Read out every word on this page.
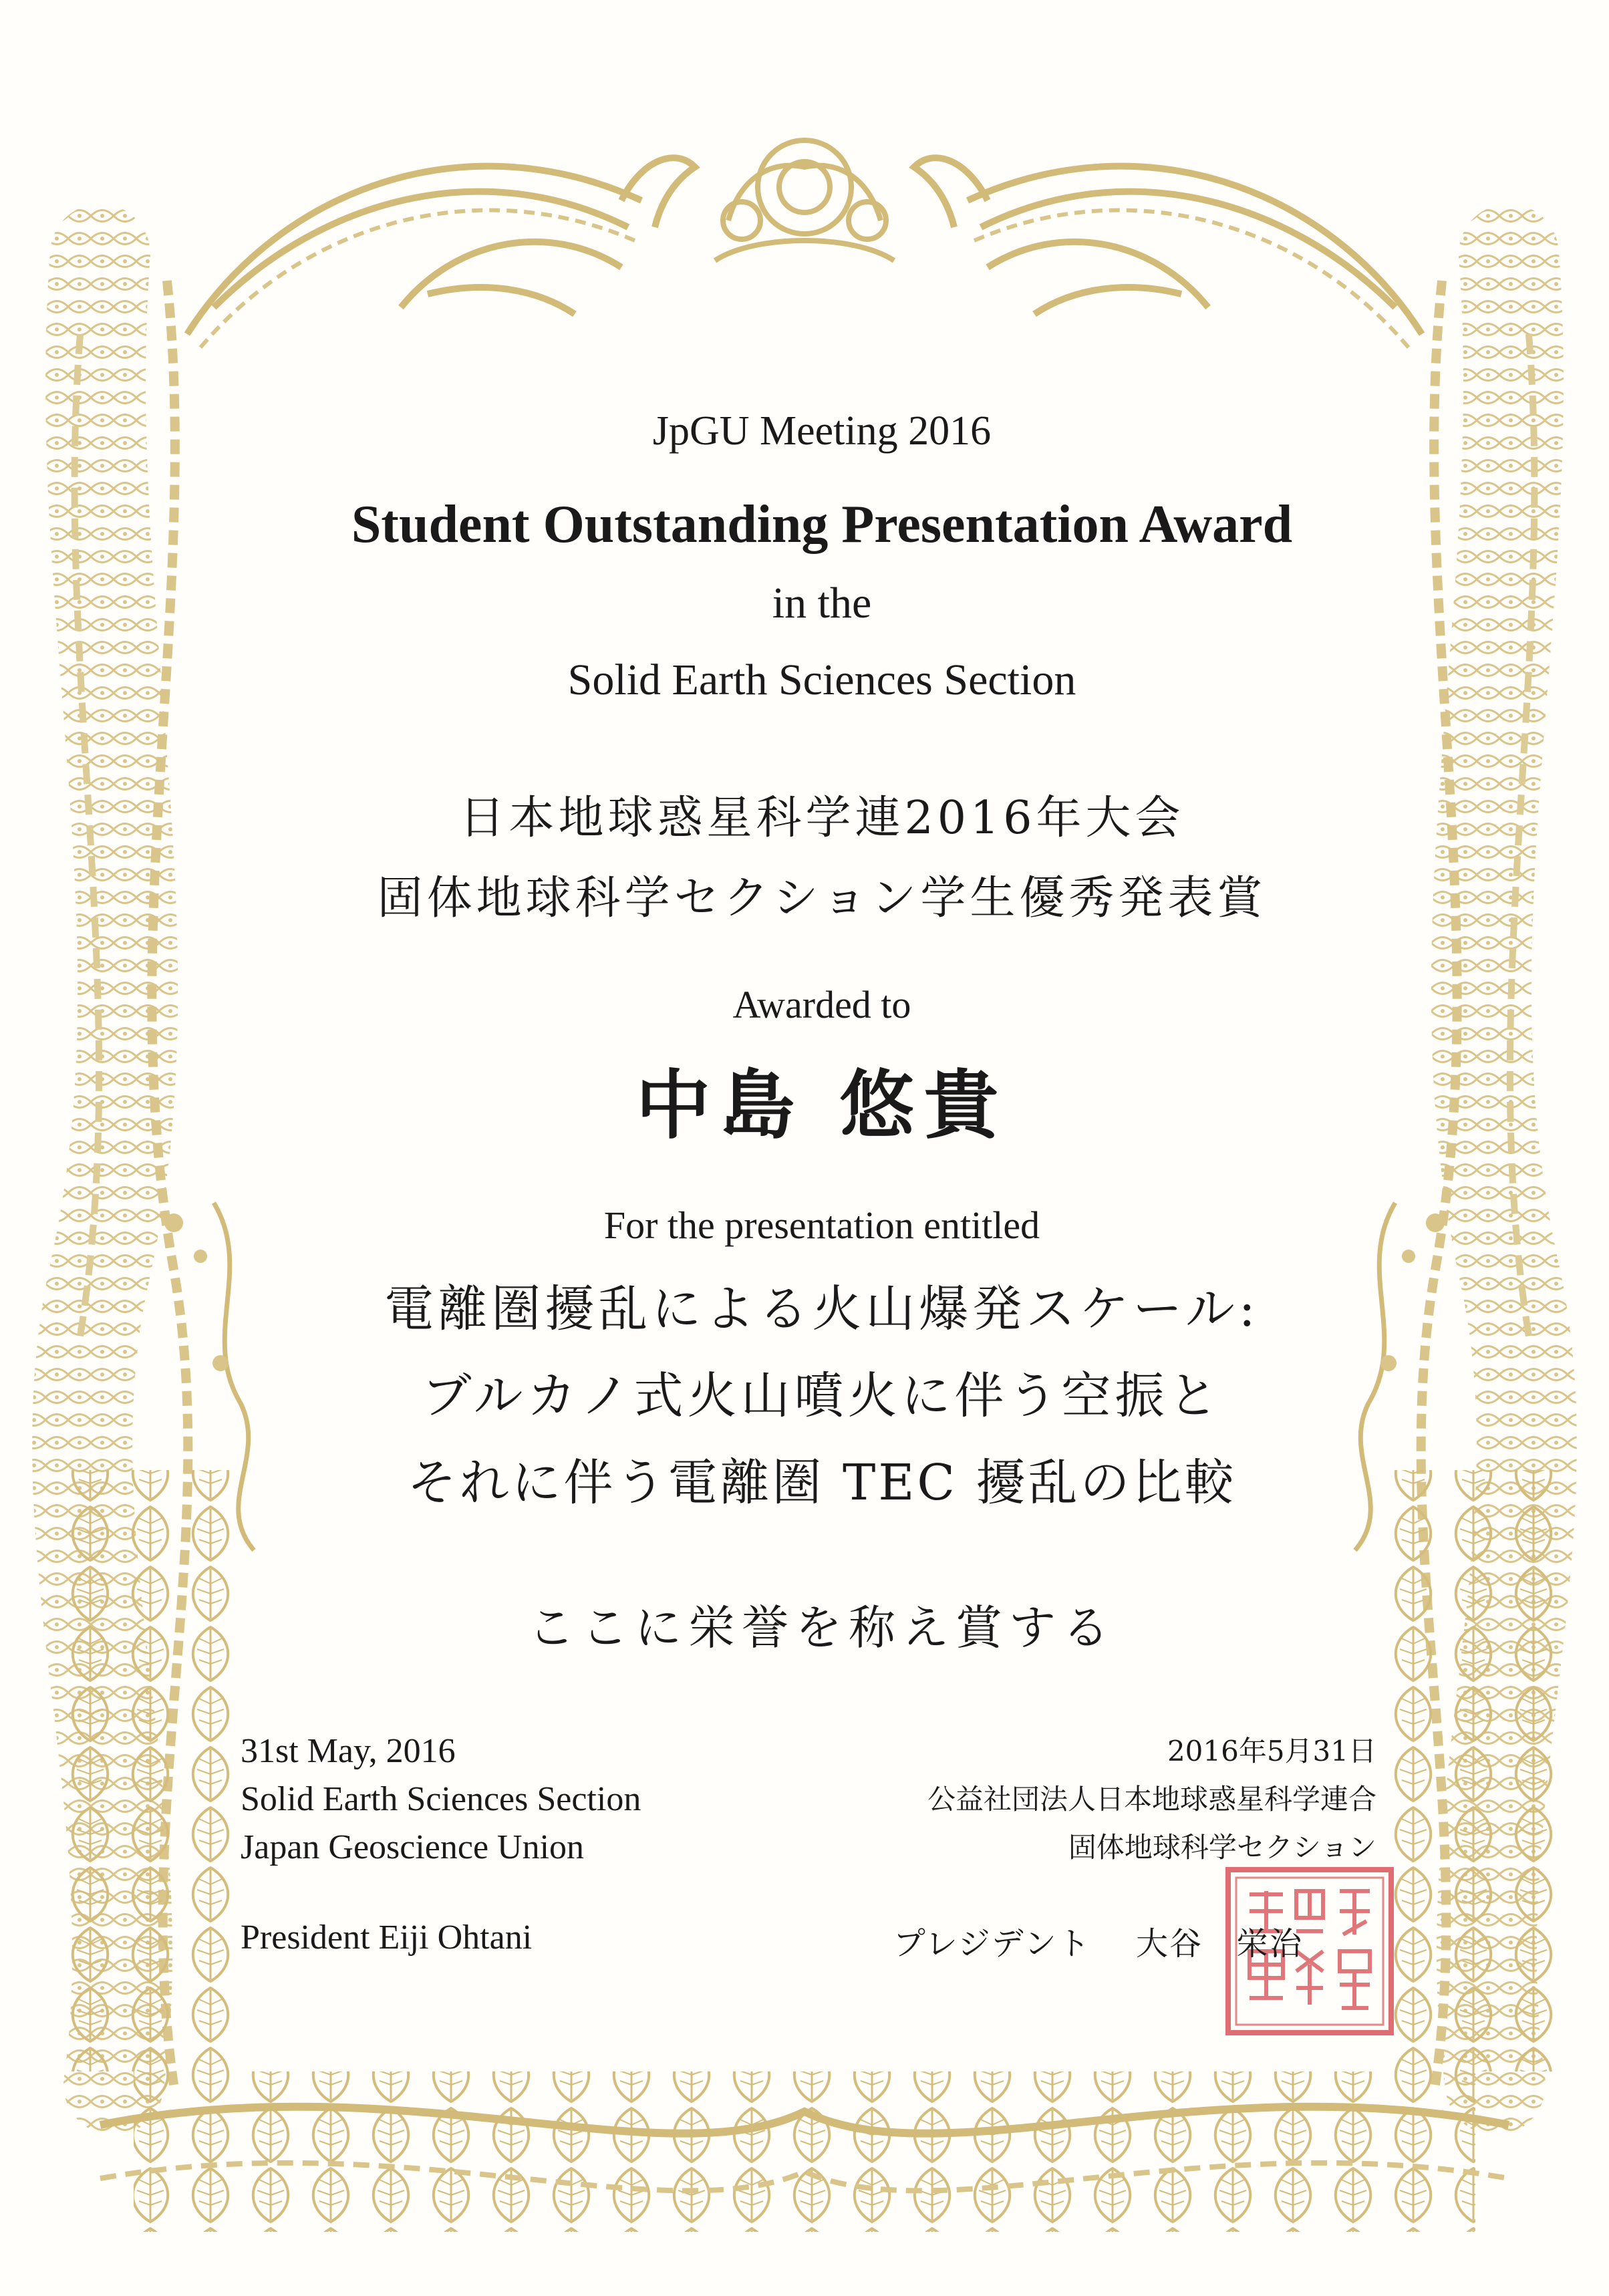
JpGU Meeting 2016
Student Outstanding Presentation Award
in the
Solid Earth Sciences Section
日本地球惑星科学連2016年大会
固体地球科学セクション学生優秀発表賞
Awarded to
中島 悠貴
For the presentation entitled
電離圏擾乱による火山爆発スケール:
ブルカノ式火山噴火に伴う空振と
それに伴う電離圏 TEC 擾乱の比較
ここに栄誉を称え賞する
31st May, 2016
Solid Earth Sciences Section
Japan Geoscience Union
President Eiji Ohtani
2016年5月31日
公益社団法人日本地球惑星科学連合
固体地球科学セクション
プレジデント　 大谷　栄治
